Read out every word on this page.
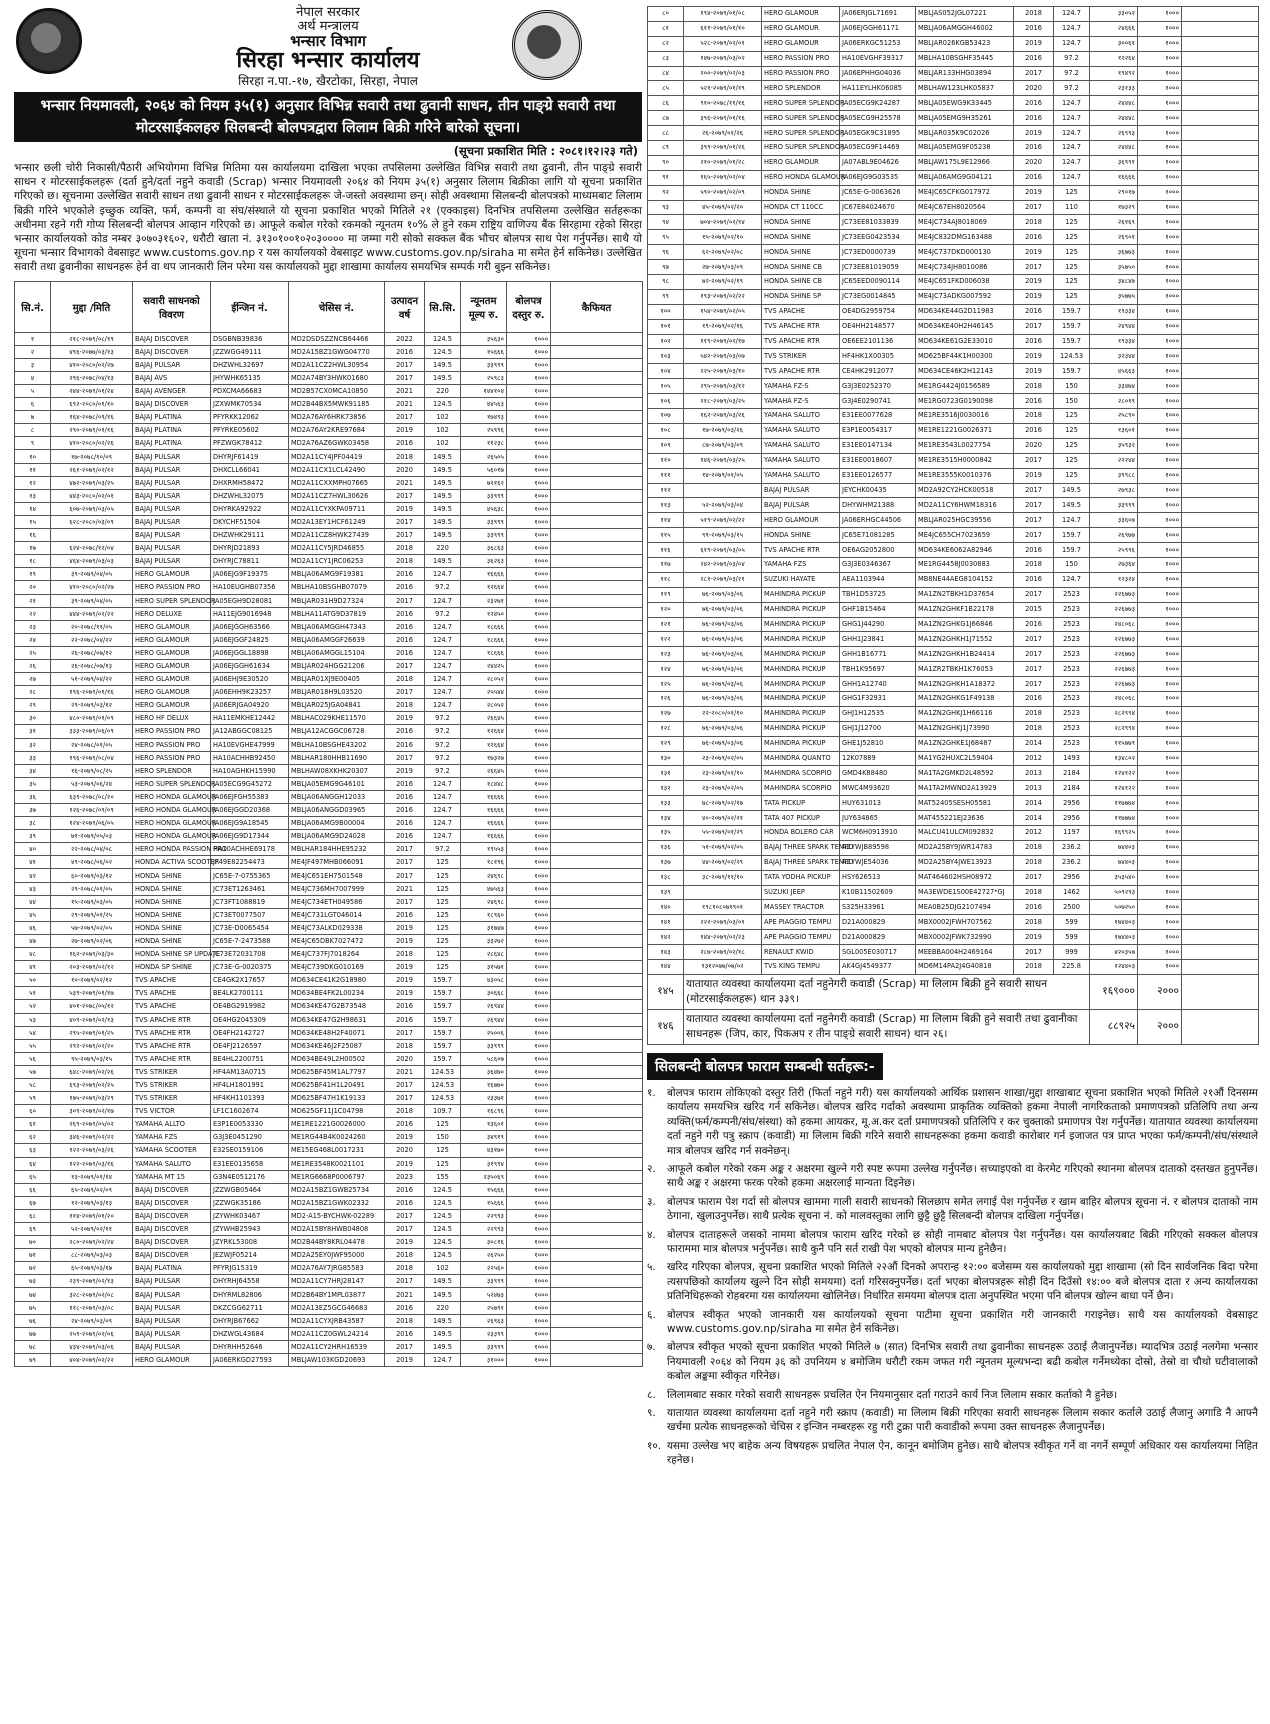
नेपाल सरकार
अर्थ मन्त्रालय
भन्सार विभाग
सिरहा भन्सार कार्यालय
सिरहा न.पा.-१७, खैरटोका, सिरहा, नेपाल
भन्सार नियमावली, २०६४ को नियम ३५(१) अनुसार विभिन्न सवारी तथा ढुवानी साधन, तीन पाङ्ग्रे सवारी तथा मोटरसाईकलहरु सिलबन्दी बोलपत्रद्वारा लिलाम बिक्री गरिने बारेको सूचना।
(सूचना प्रकाशित मिति : २०८१।१२।२३ गते)

भन्सार छली चोरी निकासी/पैठारी अभियोगमा विभिन्न मितिमा यस कार्यालयमा दाखिला भएका तपसिलमा उल्लेखित विभिन्न सवारी तथा ढुवानी, तीन पाङ्ग्रे सवारी साधन र मोटरसाईकलहरू (दर्ता हुने/दर्ता नहुने कवाडी (Scrap) भन्सार नियमावली २०६४ को नियम ३५(१) अनुसार लिलाम बिक्रीका लागि यो सूचना प्रकाशित गरिएको छ। सूचनामा उल्लेखित सवारी साधन तथा ढुवानी साधन र मोटरसाईकलहरू जे-जस्तो अवस्थामा छन्। सोही अवस्थामा सिलबन्दी बोलपत्रको माध्यमबाट लिलाम बिक्री गरिने भएकोले इच्छुक व्यक्ति, फर्म, कम्पनी वा संघ/संस्थाले यो सूचना प्रकाशित भएको मितिले २१ (एक्काइस) दिनभित्र तपसिलमा उल्लेखित सर्तहरूका अधीनमा रहने गरी गोप्य सिलबन्दी बोलपत्र आव्हान गरिएको छ। आफूले कबोल गरेको रकमको न्यूनतम १०% ले हुने रकम राष्ट्रिय वाणिज्य बैंक सिरहामा रहेको सिरहा भन्सार कार्यालयको कोड नम्बर ३०७०३१६०२, धरौटी खाता नं. ३१३०१००१०२०३०००० मा जम्मा गरी सोको सक्कल बैंक भौचर बोलपत्र साथ पेश गर्नुपर्नेछ। साथै यो सूचना भन्सार विभागको वेबसाइट www.customs.gov.np र यस कार्यालयको वेबसाइट www.customs.gov.np/siraha मा समेत हेर्न सकिनेछ। उल्लेखित सवारी तथा ढुवानीका साधनहरू हेर्न वा थप जानकारी लिन परेमा यस कार्यालयको मुद्दा शाखामा कार्यालय समयभित्र सम्पर्क गरी बुझ्न सकिनेछ।

सि.नं.	मुद्दा /मिति	सवारी साधनको विवरण	ईन्जिन नं.	चेसिस नं.	उत्पादन वर्ष	सि.सि.	न्यूनतम मूल्य रु.	बोलपत्र दस्तुर रु.	कैफियत
१	२१८-२०७९/०८/१९	BAJAJ DISCOVER	DSGBNB39836	MD2DSDSZZNCB64466	2022	124.5	३५६३०	१०००	
२	४९६-२०७७/०३/१३	BAJAJ DISCOVER	JZZWGG49111	MD2A15BZ1GWG04770	2016	124.5	१५६६६	१०००	
३	४१०-२०८०/०२/२७	BAJAJ PULSAR	DHZWHL32697	MD2A11CZ2HWL30954	2017	149.5	३३९९९	१०००	
४	२९६-२०७८/०४/१३	BAJAJ AVS	JHYWHK65135	MD2A74BY3HWK01680	2017	149.5	२५९८३	१०००	
५	२४४-२०७९/०१/२४	BAJAJ AVENGER	PDXCMA66683	MD2B57CX0MCA10850	2021	220	१४४१०४	१०००	
६	६९२-२०८०/०१/१०	BAJAJ DISCOVER	JZXWMK70534	MD2B44BX5MWK91185	2021	124.5	४४५६३	१०००	
७	१६४-२०७८/०९/१६	BAJAJ PLATINA	PFYRKK12062	MD2A76AY6HRK73856	2017	102	१७४९३	१०००	
८	२९०-२०७९/०१/१६	BAJAJ PLATINA	PFYRKE05602	MD2A76AY2KRE97684	2019	102	२५९९६	१०००	
९	४१०-२०८०/०२/२६	BAJAJ PLATINA	PFZWGK78412	MD2A76AZ6GWK03458	2016	102	११२३८	१०००	
१०	१७-२०७८/१०/०९	BAJAJ PULSAR	DHYRJF61419	MD2A11CY4JPF04419	2018	149.5	२६५०५	१०००	
११	२६१-२०७९/०२/१२	BAJAJ PULSAR	DHXCLL66041	MD2A11CX1LCL42490	2020	149.5	५६०१७	१०००	
१२	४७२-२०७९/०३/२५	BAJAJ PULSAR	DHXRMH58472	MD2A11CXXMPH07665	2021	149.5	७२१६२	१०००	
१३	४४३-२०८०/०२/०१	BAJAJ PULSAR	DHZWHL32075	MD2A11CZ7HWL30626	2017	149.5	३३९९९	१०००	
१४	६०७-२०७९/०३/०५	BAJAJ PULSAR	DHYRKA92922	MD2A11CYXKPA09711	2019	149.5	४५६३८	१०००	
१५	६२८-२०८०/०३/०९	BAJAJ PULSAR	DKYCHF51504	MD2A13EY1HCF61249	2017	149.5	३३९९९	१०००	
१६		BAJAJ PULSAR	DHZWHK29111	MD2A11CZ8HWK27439	2017	149.5	३३९९९	१०००	
१७	६२४-२०७८/१२/०४	BAJAJ PULSAR	DHYRJD21893	MD2A11CY5JRD46855	2018	220	३६८६३	१०००	
१८	४६४-२०७९/०३/०३	BAJAJ PULSAR	DHYRJC78811	MD2A11CY1JRC06253	2018	149.5	३६२६३	१०००	
१९	३९-२०७९/०४/०५	HERO GLAMOUR	JA06EJG9F19375	MBLJA06AMG9F19381	2016	124.7	१६६६६	१०००	
२०	४१०-२०८०/०२/२७	HERO PASSION PRO	HA10EUGHB07356	MBLHA10BSGHB07079	2016	97.2	१२६६४	१०००	
२१	३९-२०७९/०४/०५	HERO SUPER SPLENDOR	JA05EGH9D28081	MBLJAR031H9D27324	2017	124.7	२३२७१	१०००	
२२	४४४-२०७९/०२/२२	HERO DELUXE	HA11EJG9016948	MBLHA11ATG9D37819	2016	97.2	१२४५०	१०००	
२३	२०-२०७८/११/०५	HERO GLAMOUR	JA06EJGGH63566	MBLJA06AMGGH47343	2016	124.7	१८६६६	१०००	
२४	२२-२०७८/०४/२२	HERO GLAMOUR	JA06EJGGF24825	MBLJA06AMGGF26639	2016	124.7	१८६६६	१०००	
२५	२६-२०७८/०७/१२	HERO GLAMOUR	JA06EJGGL18898	MBLJA06AMGGL15104	2016	124.7	१८६६६	१०००	
२६	२६-२०७८/०७/१३	HERO GLAMOUR	JA06EJGGH61634	MBLJAR024HGG21206	2017	124.7	२४४२५	१०००	
२७	५१-२०७९/०४/२२	HERO GLAMOUR	JA06EHJ9E30520	MBLJAR01XJ9E00405	2018	124.7	२८०५२	१०००	
२८	१९६-२०७९/०१/१६	HERO GLAMOUR	JA06EHH9K23257	MBLJAR018H9L03520	2017	124.7	२५५४४	१०००	
२९	२९-२०७९/०३/१२	HERO GLAMOUR	JA06ERJGA04920	MBLJAR025JGA04841	2018	124.7	२८०५२	१०००	
३०	४८०-२०७९/०१/०९	HERO HF DELUX	HA11EMKHE12442	MBLHAC029KHE11570	2019	97.2	२६६४५	१०००	
३१	३३३-२०७९/०६/०९	HERO PASSION PRO	JA12ABGGC08125	MBLJA12ACGGC06728	2016	97.2	१२६६४	१०००	
३२	२४-२०७८/०१/०५	HERO PASSION PRO	HA10EVGHE47999	MBLHA10BSGHE43202	2016	97.2	१२६६४	१०००	
३३	१९६-२०७९/०८/०४	HERO PASSION PRO	HA10ACHHB92450	MBLHAR180HHB11690	2017	97.2	१७३२७	१०००	
३४	१६-२०७९/०८/२५	HERO SPLENDOR	HA10AGHKH15990	MBLHAW08XKHK20307	2019	97.2	२६६४५	१०००	
३५	५३-२०७९/०६/२४	HERO SUPER SPLENDOR	JA05ECG9G45272	MBLJA05EMG9G46101	2016	124.7	१८४४८	१०००	
३६	६३९-२०७८/०८/२०	HERO HONDA GLAMOUR	JA06EJFGH55383	MBLJA06ANGGH12033	2016	124.7	१६६६६	१०००	
३७	१२६-२०७८/०९/०९	HERO HONDA GLAMOUR	JA06EJGGD20368	MBLJA06ANGGD03965	2016	124.7	१६६६६	१०००	
३८	१२४-२०७९/०६/०५	HERO HONDA GLAMOUR	JA06EJG9A18545	MBLJA06AMG9B00004	2016	124.7	१६६६६	१०००	
३९	७१-२०७९/०५/०३	HERO HONDA GLAMOUR	JA06EJG9D17344	MBLJA06AMG9D24028	2016	124.7	१६६६६	१०००	
४०	२२-२०७८/०४/०८	HERO HONDA PASSION PRO	HA10ACHHE69178	MBLHAR184HHE95232	2017	97.2	१९५५३	१०००	
४१	४९-२०७८/०६/०२	HONDA ACTIVA SCOOTER	JF49E82254473	ME4JF497MHB066091	2017	125	१८१९६	१०००	
४२	६०-२०७९/०३/१२	HONDA SHINE	JC65E-7-0755365	ME4JC651EH7501548	2017	125	२४६९८	१०००	
४३	२९-२०७८/०१/०५	HONDA SHINE	JC73ET1263461	ME4JC736MH7007999	2021	125	४७५६३	१०००	
४४	१५-२०७९/०३/०५	HONDA SHINE	JC73FT1088819	ME4JC734ETH049586	2017	125	२४६९८	१०००	
४५	२९-२०७९/०१/२५	HONDA SHINE	JC73ET0077507	ME4JC731LGT046014	2016	125	१८९६०	१०००	
४६	५७-२०७९/०२/०५	HONDA SHINE	JC73E-D0065454	ME4JC73ALKD029338	2019	125	३१७४७	१०००	
४७	२७-२०७९/०२/०६	HONDA SHINE	JC65E-7-2473588	ME4JC65DBK7027472	2019	125	३३२७२	१०००	
४८	१६२-२०७९/०३/३०	HONDA SHINE SP UPDATE	JC73E72031708	ME4JC737FJ7018264	2018	125	२८६४८	१०००	
४९	२०३-२०७९/०२/१२	HONDA SP SHINE	JC73E-G-0020375	ME4JC739DKG010169	2019	125	३१५७१	१०००	
५०	१०-२०७९/०२/१२	TVS APACHE	CE4GK2X17657	MD634CE41K2G18980	2019	159.7	४३०५८	१०००	
५१	५३९-२०७९/०१/१७	TVS APACHE	BE4LK2700111	MD634BE4FK2L00234	2019	159.7	३०६६८	१०००	
५२	४०१-२०७८/०५/१२	TVS APACHE	OE4BG2919982	MD634KE47G2B73548	2016	159.7	२६९४४	१०००	
५३	४०९-२०७९/०२/१३	TVS APACHE RTR	OE4HG2045309	MD634KE47G2H98631	2016	159.7	२६९४४	१०००	
५४	२९५-२०७९/०१/२५	TVS APACHE RTR	OE4FH2142727	MD634KE48H2F40071	2017	159.7	२५००६	१०००	
५५	२९२-२०७९/०२/२०	TVS APACHE RTR	OE4FJ2126597	MD634KE46J2F25087	2018	159.7	३३९९९	१०००	
५६	९५-२०७९/०३/१५	TVS APACHE RTR	BE4HL2200751	MD634BE49L2H00502	2020	159.7	५८६०७	१०००	
५७	६४८-२०७९/०२/२६	TVS STRIKER	HF4AM13A0715	MD625BF45M1AL7797	2021	124.53	३६४७०	१०००	
५८	६९३-२०७९/०२/२५	TVS STRIKER	HF4LH1801991	MD625BF41H1L20491	2017	124.53	१६७७०	१०००	
५९	१७५-२०७९/०३/२९	TVS STRIKER	HF4KH1101393	MD625BF47H1K19133	2017	124.53	२३३७१	१०००	
६०	३०९-२०७९/०२/१७	TVS VICTOR	LF1C1602674	MD625GF11J1C04798	2018	109.7	१६८९६	१०००	
६१	२६९-२०७९/०५/०२	YAMAHA ALLTO	E3P1E0053330	ME1RE1221G0026000	2016	125	१३६०१	१०००	
६२	३४६-२०७९/०२/२२	YAMAHA FZS	G3J3E0451290	ME1RG44B4K0024260	2019	150	३४९१९	१०००	
६३	१२२-२०७९/०३/२६	YAMAHA SCOOTER	E32SE0159106	ME15EG468L0017231	2020	125	४३१७०	१०००	
६४	१२२-२०७९/०३/१६	YAMAHA SALUTO	E31EE0135658	ME1RE3548K0021101	2019	125	३१९९४	१०००	
६५	१३-२०७९/०१/१४	YAMAHA MT 15	G3N4E0512176	ME1RG6668P0006797	2023	155	२३५०६९	१०००	
६६	६५-२०७९/०२/०९	BAJAJ DISCOVER	JZZWGB05464	MD2A15BZ1GWB25734	2016	124.5	१५६६६	१०००	
६७	१२-२०७९/०३/१३	BAJAJ DISCOVER	JZZWGK35186	MD2A15BZ1GWK02332	2016	124.5	१५६६६	१०००	
६८	११४-२०७९/०१/२०	BAJAJ DISCOVER	JZYWHK03467	MD2-A15-BYCHWK-02289	2017	124.5	२२९९३	१०००	
६९	५२-२०७९/०२/११	BAJAJ DISCOVER	JZYWHB25943	MD2A15BY8HWB04808	2017	124.5	२२९९३	१०००	
७०	२८०-२०७९/०२/२४	BAJAJ DISCOVER	JZYRKL53008	MD2B44BY8KRL04478	2019	124.5	३०८१६	१०००	
७१	८८-२०७९/०३/०३	BAJAJ DISCOVER	JEZWJF05214	MD2A25EY0JWF95000	2018	124.5	२६२५०	१०००	
७२	६५-२०७९/०३/१७	BAJAJ PLATINA	PFYRJG15319	MD2A76AY7JRG85583	2018	102	२२५६०	१०००	
७३	२३९-२०७९/०२/१३	BAJAJ PULSAR	DHYRHJ64558	MD2A11CY7HRJ28147	2017	149.5	३३९९९	१०००	
७४	३२८-२०७९/०२/०८	BAJAJ PULSAR	DHYRML82806	MD2B64BY1MPL03877	2021	149.5	५२४७३	१०००	
७५	११८-२०७९/०३/०८	BAJAJ PULSAR	DKZCGG62711	MD2A13EZ5GCG46683	2016	220	२५७९१	१०००	
७६	२४-२०७९/०३/०९	BAJAJ PULSAR	DHYRJB67662	MD2A11CYXJRB43587	2018	149.5	२६९६३	१०००	
७७	२५९-२०७९/०२/०६	BAJAJ PULSAR	DHZWGL43684	MD2A11CZ0GWL24214	2016	149.5	२३३९९	१०००	
७८	४३४-२०७९/०३/०६	BAJAJ PULSAR	DHYRHH52646	MD2A11CY2HRH16539	2017	149.5	३३९९९	१०००	
७९	४०४-२०७९/०२/२२	HERO GLAMOUR	JA06ERKGD27593	MBLJAW103KGD20693	2019	124.7	३१०००	१०००	
८०	१९४-२०७९/०१/०८	HERO GLAMOUR	JA06ERJGL71691	MBLJAS052JGL07221	2018	124.7	३३०५२	१०००	
८१	६११-२०७९/०१/१०	HERO GLAMOUR	JA06EJGGH61171	MBLJA06AMGGH46002	2016	124.7	२४६६६	१०००	
८२	५२८-२०७९/०२/०१	HERO GLAMOUR	JA06ERKGC51253	MBLJAR026KGB53423	2019	124.7	३००६१	१०००	
८३	१४७-२०७९/०३/०२	HERO PASSION PRO	HA10EVGHF39317	MBLHA10BSGHF35445	2016	97.2	१२२६४	१०००	
८४	२००-२०७९/०२/०३	HERO PASSION PRO	JA06EPHHG04036	MBLJAR133HHG03894	2017	97.2	१९४९२	१०००	
८५	५२१-२०७९/०१/१९	HERO SPLENDOR	HA11EYLHK06085	MBLHAW123LHK05837	2020	97.2	२३१३३	१०००	
८६	९१०-२०७८/११/१६	HERO SUPER SPLENDOR	JA05ECG9K24287	MBLJA05EWG9K33445	2016	124.7	२४४४८	१०००	
८७	३९६-२०७९/०१/१६	HERO SUPER SPLENDOR	JA05ECG9H25578	MBLJA05EMG9H35261	2016	124.7	२४४४८	१०००	
८८	२६-२०७९/०१/२६	HERO SUPER SPLENDOR	JA05EGK9C31895	MBLJAR035K9C02026	2019	124.7	२६९९३	१०००	
८९	३९९-२०७९/०१/२६	HERO SUPER SPLENDOR	JA05ECG9F14469	MBLJA05EMG9F05238	2016	124.7	२४४४८	१०००	
९०	२१०-२०७९/०१/२८	HERO GLAMOUR	JA07ABL9E04626	MBLJAW175L9E12966	2020	124.7	३६९९१	१०००	
९१	१६५-२०७९/०२/०४	HERO HONDA GLAMOUR	JA06EJG9G03535	MBLJA06AMG9G04121	2016	124.7	१६६६६	१०००	
९२	५९०-२०७९/०२/०९	HONDA SHINE	JC65E-G-0063626	ME4JC65CFKG017972	2019	125	२९०१७	१०००	
९३	४५-२०७९/०२/२०	HONDA CT 110CC	JC67E84024670	ME4JC67EH8020564	2017	110	१७३२९	१०००	
९४	७०४-२०७९/०२/१४	HONDA SHINE	JC73EE81033839	ME4JC734AJ8018069	2018	125	२६१६९	१०००	
९५	१५-२०७९/०२/१०	HONDA SHINE	JC73EEG0423534	ME4JC832DMG163488	2016	125	२६९०१	१०००	
९६	६२-२०७९/०२/०८	HONDA SHINE	JC73ED0000739	ME4JC737DKD000130	2019	125	३६७७३	१०००	
९७	२७-२०७९/०३/०९	HONDA SHINE CB	JC73EE81019059	ME4JC734JH8010086	2017	125	३५७५०	१०००	
९८	७२-२०७९/०२/१९	HONDA SHINE CB	JC65EED0090114	ME4JC651FKD006038	2019	125	३४८४७	१०००	
९९	१९३-२०७९/०२/२२	HONDA SHINE SP	JC73EG0014845	ME4JC73ADKG007592	2019	125	३५७७५	१०००	
१००	१५४-२०७९/०२/०५	TVS APACHE	OE4DG2959754	MD634KE44G2D11983	2016	159.7	१९३३४	१०००	
१०१	१९-२०७९/०२/१६	TVS APACHE RTR	OE4HH2148577	MD634KE40H2H46145	2017	159.7	२४९४४	१०००	
१०२	११९-२०७९/०२/१७	TVS APACHE RTR	OE6EE2101136	MD634KE61G2E33010	2016	159.7	१९३३४	१०००	
१०३	५४२-२०७९/०३/०७	TVS STRIKER	HF4HK1X00305	MD625BF44K1H00300	2019	124.53	३२३४४	१०००	
१०४	२२५-२०७९/०३/१०	TVS APACHE RTR	CE4HK2912077	MD634CE46K2H12143	2019	159.7	४५६६३	१०००	
१०५	२९५-२०७९/०३/१२	YAMAHA FZ-S	G3J3E0252370	ME1RG4424J0156589	2018	150	३३४७४	१०००	
१०६	२१८-२०७९/०३/२५	YAMAHA FZ-S	G3J4E0290741	ME1RG0723G0190098	2016	150	२८०१९	१०००	
१०७	१६२-२०७९/०३/२६	YAMAHA SALUTO	E31EE0077628	ME1RE3516J0030016	2018	125	२५८९०	१०००	
१०८	१७-२०७९/०३/२६	YAMAHA SALUTO	E3P1E0054317	ME1RE1221G0026371	2016	125	१३६०१	१०००	
१०९	८७-२०७९/०३/०९	YAMAHA SALUTO	E31EE0147134	ME1RE3543L0027754	2020	125	३५९३२	१०००	
११०	१४६-२०७९/०३/२५	YAMAHA SALUTO	E31EE0018607	ME1RE3515H0000842	2017	125	२२२४४	१०००	
१११	१४-२०७९/०१/०५	YAMAHA SALUTO	E31EE0126577	ME1RE3555K0010376	2019	125	३९९८८	१०००	
११२		BAJAJ PULSAR	JEYCHK00435	MD2A92CY2HCK00518	2017	149.5	२७९३८	१०००	
११३	५२-२०७९/०३/०४	BAJAJ PULSAR	DHYWHM21388	MD2A11CY6HWM18316	2017	149.5	३३९९९	१०००	
११४	५१९-२०७९/०२/२२	HERO GLAMOUR	JA06ERHGC44506	MBLJAR025HGC39556	2017	124.7	३३६०७	१०००	
११५	९९-२०७९/०३/१५	HONDA SHINE	JC65E71081285	ME4JC655CH7023659	2017	159.7	२६९७७	१०००	
११६	६१९-२०७९/०३/०५	TVS APACHE RTR	OE6AG2052800	MD634KE6062A82946	2016	159.7	२५९९६	१०००	
११७	२४२-२०७९/०३/०४	YAMAHA FZS	G3J3E0346367	ME1RG4458J0030883	2018	150	२७३६४	१०००	
११८	२८१-२०७९/०३/२१	SUZUKI HAYATE	AEA1103944	MB8NE44AEG8104152	2016	124.7	१२३२४	१०००	
११९	७६-२०७९/०३/०६	MAHINDRA PICKUP	TBH1D53725	MA1ZN2TBKH1D37654	2017	2523	२२६७७३	१०००	
१२०	७६-२०७९/०३/०६	MAHINDRA PICKUP	GHF1B15464	MA1ZN2GHKF1B22178	2015	2523	२२६७७३	१०००	
१२१	७६-२०७९/०३/०६	MAHINDRA PICKUP	GHG1J44290	MA1ZN2GHKG1J66846	2016	2523	२४८०६८	१०००	
१२२	७६-२०७९/०३/०६	MAHINDRA PICKUP	GHH1J23841	MA1ZN2GHKH1J71552	2017	2523	२२६७७३	१०००	
१२३	७६-२०७९/०३/०६	MAHINDRA PICKUP	GHH1B16771	MA1ZN2GHKH1B24414	2017	2523	२२६७७३	१०००	
१२४	७६-२०७९/०३/०६	MAHINDRA PICKUP	TBH1K95697	MA1ZR2TBKH1K76053	2017	2523	२२६७७३	१०००	
१२५	७६-२०७९/०३/०६	MAHINDRA PICKUP	GHH1A12740	MA1ZN2GHKH1A18372	2017	2523	२२६७७३	१०००	
१२६	७६-२०७९/०३/०६	MAHINDRA PICKUP	GHG1F32931	MA1ZN2GHKG1F49138	2016	2523	२४८०६८	१०००	
१२७	२२-२०८०/०१/१०	MAHINDRA PICKUP	GHJ1H12535	MA1ZN2GHKJ1H66116	2018	2523	२८२९९४	१०००	
१२८	७६-२०७९/०३/०६	MAHINDRA PICKUP	GHJ1J12700	MA1ZN2GHKJ1J73990	2018	2523	२८२९९४	१०००	
१२९	७६-२०७९/०३/०६	MAHINDRA PICKUP	GHE1J52810	MA1ZN2GHKE1J68487	2014	2523	११५७७९	१०००	
१३०	२३-२०७९/०२/०५	MAHINDRA QUANTO	12K07889	MA1YG2HUXC2L59404	2012	1493	१३४८०२	१०००	
१३१	२३-२०७९/०१/१०	MAHINDRA SCORPIO	GMD4K88480	MA1TA2GMKD2L48592	2013	2184	१२४१२२	१०००	
१३२	२३-२०७९/०२/०५	MAHINDRA SCORPIO	MWC4M93620	MA1TA2MWND2A13929	2013	2184	१२४१२२	१०००	
१३३	७८-२०७९/०२/१७	TATA PICKUP	HUY631013	MAT52405SESH05581	2014	2956	११७७७४	१०००	
१३४	४०-२०७९/०२/२१	TATA 407 PICKUP	JUY634865	MAT455221EJ23636	2014	2956	११७७७४	१०००	
१३५	५५-२०७९/०१/२९	HONDA BOLERO CAR	WCM6H0913910	MALCU41ULCM092832	2012	1197	१६९९२५	१०००	
१३६	५१-२०७९/०२/०५	BAJAJ THREE SPARK TEMPU	AZYWJB89598	MD2A25BY9JWR14783	2018	236.2	७४४०३	१०००	
१३७	४४-२०७९/०२/२९	BAJAJ THREE SPARK TEMPU	AZYWJE54036	MD2A25BY4JWE13923	2018	236.2	७४४०३	१०००	
१३८	३८-२०७९/११/१०	TATA YODHA PICKUP	HSY626513	MAT464602HSH08972	2017	2956	३५३५४०	१०००	
१३९		SUZUKI JEEP	K10B11502609	MA3EWDE1S00E42727*GJ	2018	1462	५०९२९३	१०००	
१४०	१९८१०८०७१९०१	MASSEY TRACTOR	S325H33961	MEA0B25DJG2107494	2016	2500	५०७२५०	१०००	
१४१	२२२-२०७९/०३/०१	APE PIAGGIO TEMPU	D21A000829	MBX0002JFWH707562	2018	599	१७४४०३	१०००	
१४२	१४४-२०७९/०२/२३	APE PIAGGIO TEMPU	D21A000829	MBX0002JFWK732990	2019	599	१७४४०३	१०००	
१४३	२८७-२०७९/०२/१८	RENAULT KWID	SGL005E030717	MEEBBA004H2469164	2017	999	४२०३५७	१०००	
१४४	१३१२०७७/०७/०२	TVS KING TEMPU	AK4GJ4549377	MD6M14PA2J4G40818	2018	225.8	१२४४०३	१०००	
१४५	यातायात व्यवस्था कार्यालयमा दर्ता नहुनेगरी कवाडी (Scrap) मा लिलाम बिक्री हुने सवारी साधन (मोटरसाईकलहरू) थान ३३९।						१६९०००	२०००	
१४६	यातायात व्यवस्था कार्यालयमा दर्ता नहुनेगरी कवाडी (Scrap) मा लिलाम बिक्री हुने सवारी तथा ढुवानीका साधनहरू (जिप, कार, पिकअप र तीन पाङ्ग्रे सवारी साधन) थान २६।						८८९२५	२०००	
सिलबन्दी बोलपत्र फाराम सम्बन्धी सर्तहरू:-
१.	बोलपत्र फाराम तोकिएको दस्तुर तिरी (फिर्ता नहुने गरी) यस कार्यालयको आर्थिक प्रशासन शाखा/मुद्दा शाखाबाट सूचना प्रकाशित भएको मितिले २१औं दिनसम्म कार्यालय समयभित्र खरिद गर्न सकिनेछ। बोलपत्र खरिद गर्दाको अवस्थामा प्राकृतिक व्यक्तिको हकमा नेपाली नागरिकताको प्रमाणपत्रको प्रतिलिपि तथा अन्य व्यक्ति(फर्म/कम्पनी/संघ/संस्था) को हकमा आयकर, मू.अ.कर दर्ता प्रमाणपत्रको प्रतिलिपि र कर चुक्ताको प्रमाणपत्र पेश गर्नुपर्नेछ। यातायात व्यवस्था कार्यालयमा दर्ता नहुने गरी पत्रु स्क्राप (कवाडी) मा लिलाम बिक्री गरिने सवारी साधनहरूका हकमा कवाडी कारोबार गर्न इजाजत पत्र प्राप्त भएका फर्म/कम्पनी/संघ/संस्थाले मात्र बोलपत्र खरिद गर्न सक्नेछन्।
२.	आफूले कबोल गरेको रकम अङ्क र अक्षरमा खुल्ने गरी स्पष्ट रूपमा उल्लेख गर्नुपर्नेछ। सच्याइएको वा केरमेट गरिएको स्थानमा बोलपत्र दाताको दस्तखत हुनुपर्नेछ। साथै अङ्क र अक्षरमा फरक परेको हकमा अक्षरलाई मान्यता दिइनेछ।
३.	बोलपत्र फाराम पेश गर्दा सो बोलपत्र खाममा गाली सवारी साधनको सिलछाप समेत लगाई पेश गर्नुपर्नेछ र खाम बाहिर बोलपत्र सूचना नं. र बोलपत्र दाताको नाम ठेगाना, खुलाउनुपर्नेछ। साथै प्रत्येक सूचना नं. को मालवस्तुका लागि छुट्टै छुट्टै सिलबन्दी बोलपत्र दाखिला गर्नुपर्नेछ।
४.	बोलपत्र दाताहरूले जसको नाममा बोलपत्र फाराम खरिद गरेको छ सोही नामबाट बोलपत्र पेश गर्नुपर्नेछ। यस कार्यालयबाट बिक्री गरिएको सक्कल बोलपत्र फाराममा मात्र बोलपत्र भर्नुपर्नेछ। साथै कुनै पनि सर्त राखी पेश भएको बोलपत्र मान्य हुनेछैन।
५.	खरिद गरिएका बोलपत्र, सूचना प्रकाशित भएको मितिले २२औं दिनको अपरान्ह १२:०० बजेसम्म यस कार्यालयको मुद्दा शाखामा (सो दिन सार्वजनिक बिदा परेमा त्यसपछिको कार्यालय खुल्ने दिन सोही समयमा) दर्ता गरिसक्नुपर्नेछ। दर्ता भएका बोलपत्रहरू सोही दिन दिउँसो १४:०० बजे बोलपत्र दाता र अन्य कार्यालयका प्रतिनिधिहरूको रोहबरमा यस कार्यालयमा खोलिनेछ। निर्धारित समयमा बोलपत्र दाता अनुपस्थित भएमा पनि बोलपत्र खोल्न बाधा पर्ने छैन।
६.	बोलपत्र स्वीकृत भएको जानकारी यस कार्यालयको सूचना पाटीमा सूचना प्रकाशित गरी जानकारी गराइनेछ। साथै यस कार्यालयको वेबसाइट www.customs.gov.np/siraha मा समेत हेर्न सकिनेछ।
७.	बोलपत्र स्वीकृत भएको सूचना प्रकाशित भएको मितिले ७ (सात) दिनभित्र सवारी तथा ढुवानीका साधनहरू उठाई लैजानुपर्नेछ। म्यादभित्र उठाई नलगेमा भन्सार नियमावली २०६४ को नियम ३६ को उपनियम ४ बमोजिम धरौटी रकम जफत गरी न्यूनतम मूल्यभन्दा बढी कबोल गर्नेमध्येका दोस्रो, तेस्रो वा चौथो घटीवालाको कबोल अङ्कमा स्वीकृत गरिनेछ।
८.	लिलामबाट सकार गरेको सवारी साधनहरू प्रचलित ऐन नियमानुसार दर्ता गराउने कार्य निज लिलाम सकार कर्ताको नै हुनेछ।
९.	यातायात व्यवस्था कार्यालयमा दर्ता नहुने गरी स्क्राप (कवाडी) मा लिलाम बिक्री गरिएका सवारी साधनहरू लिलाम सकार कर्ताले उठाई लैजानु अगाडि नै आफ्नै खर्चमा प्रत्येक साधनहरूको चेचिस र इन्जिन नम्बरहरू रहु गरी टुक्रा पारी कवाडीको रूपमा उक्त साधनहरू लैजानुपर्नेछ।
१०. यसमा उल्लेख भए बाहेक अन्य विषयहरू प्रचलित नेपाल ऐन, कानून बमोजिम हुनेछ। साथै बोलपत्र स्वीकृत गर्ने वा नगर्ने सम्पूर्ण अधिकार यस कार्यालयमा निहित रहनेछ।
